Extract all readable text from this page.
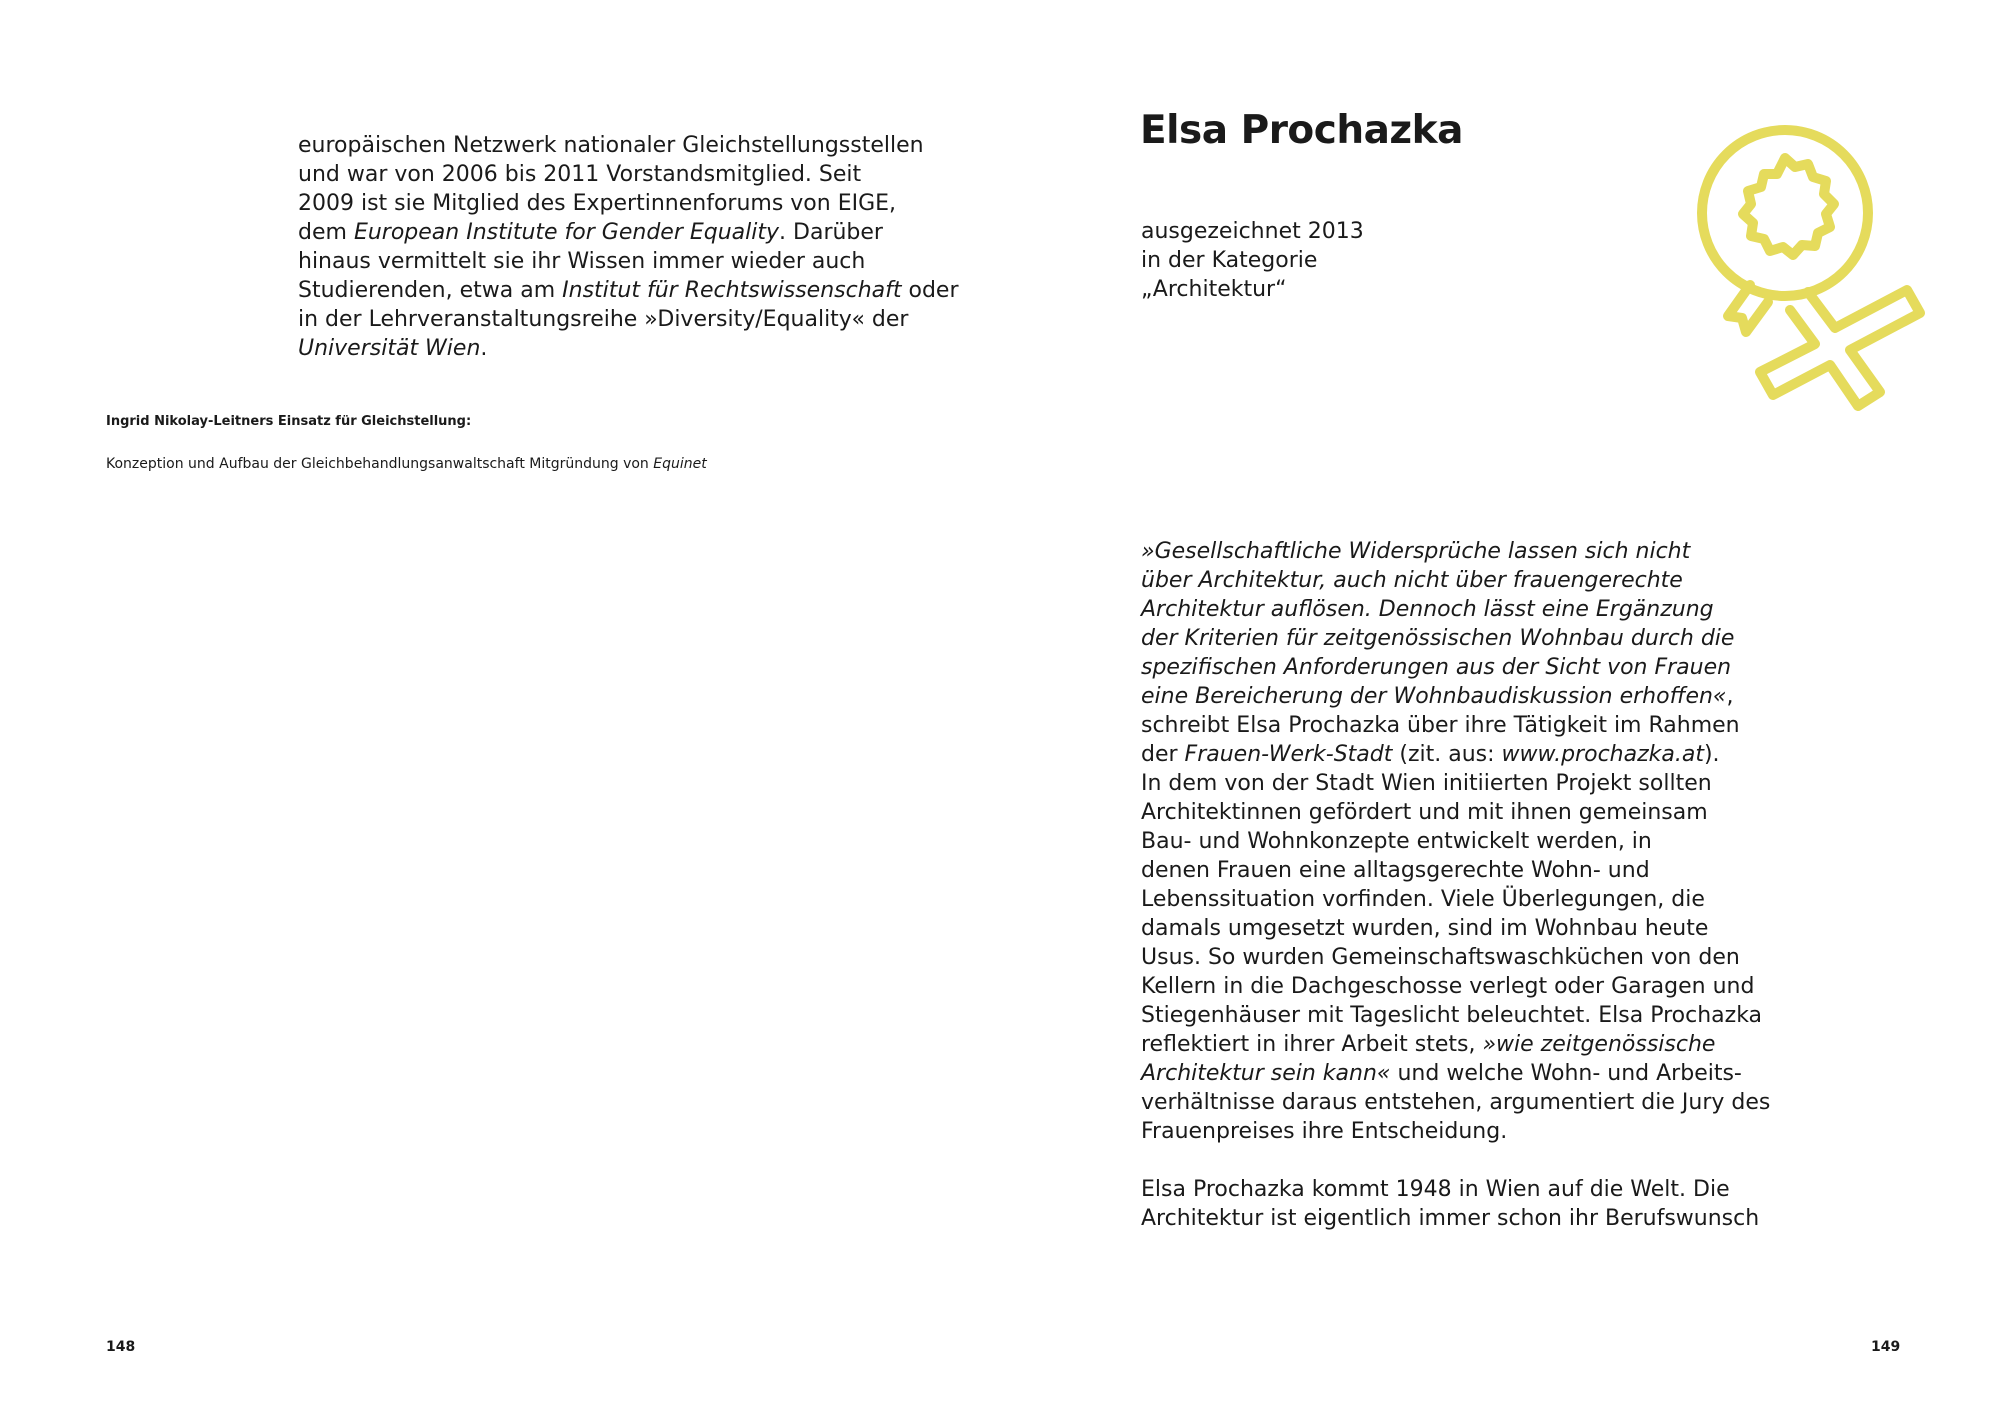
europäischen Netzwerk nationaler Gleichstellungsstellen
und war von 2006 bis 2011 Vorstandsmitglied. Seit
2009 ist sie Mitglied des Expertinnenforums von EIGE,
dem European Institute for Gender Equality. Darüber
hinaus vermittelt sie ihr Wissen immer wieder auch
Studierenden, etwa am Institut für Rechtswissenschaft oder
in der Lehrveranstaltungsreihe »Diversity/Equality« der
Universität Wien.
Ingrid Nikolay-Leitners Einsatz für Gleichstellung:
Konzeption und Aufbau der Gleichbehandlungsanwaltschaft Mitgründung von Equinet
148
Elsa Prochazka
ausgezeichnet 2013
in der Kategorie
„Architektur“
»Gesellschaftliche Widersprüche lassen sich nicht
über Architektur, auch nicht über frauengerechte
Architektur auflösen. Dennoch lässt eine Ergänzung
der Kriterien für zeitgenössischen Wohnbau durch die
spezifischen Anforderungen aus der Sicht von Frauen
eine Bereicherung der Wohnbaudiskussion erhoffen«,
schreibt Elsa Prochazka über ihre Tätigkeit im Rahmen
der Frauen-Werk-Stadt (zit. aus: www.prochazka.at).
In dem von der Stadt Wien initiierten Projekt sollten
Architektinnen gefördert und mit ihnen gemeinsam
Bau- und Wohnkonzepte entwickelt werden, in
denen Frauen eine alltagsgerechte Wohn- und
Lebenssituation vorfinden. Viele Überlegungen, die
damals umgesetzt wurden, sind im Wohnbau heute
Usus. So wurden Gemeinschaftswaschküchen von den
Kellern in die Dachgeschosse verlegt oder Garagen und
Stiegenhäuser mit Tageslicht beleuchtet. Elsa Prochazka
reflektiert in ihrer Arbeit stets, »wie zeitgenössische
Architektur sein kann« und welche Wohn- und Arbeits-
verhältnisse daraus entstehen, argumentiert die Jury des
Frauenpreises ihre Entscheidung.
Elsa Prochazka kommt 1948 in Wien auf die Welt. Die
Architektur ist eigentlich immer schon ihr Berufswunsch
149
